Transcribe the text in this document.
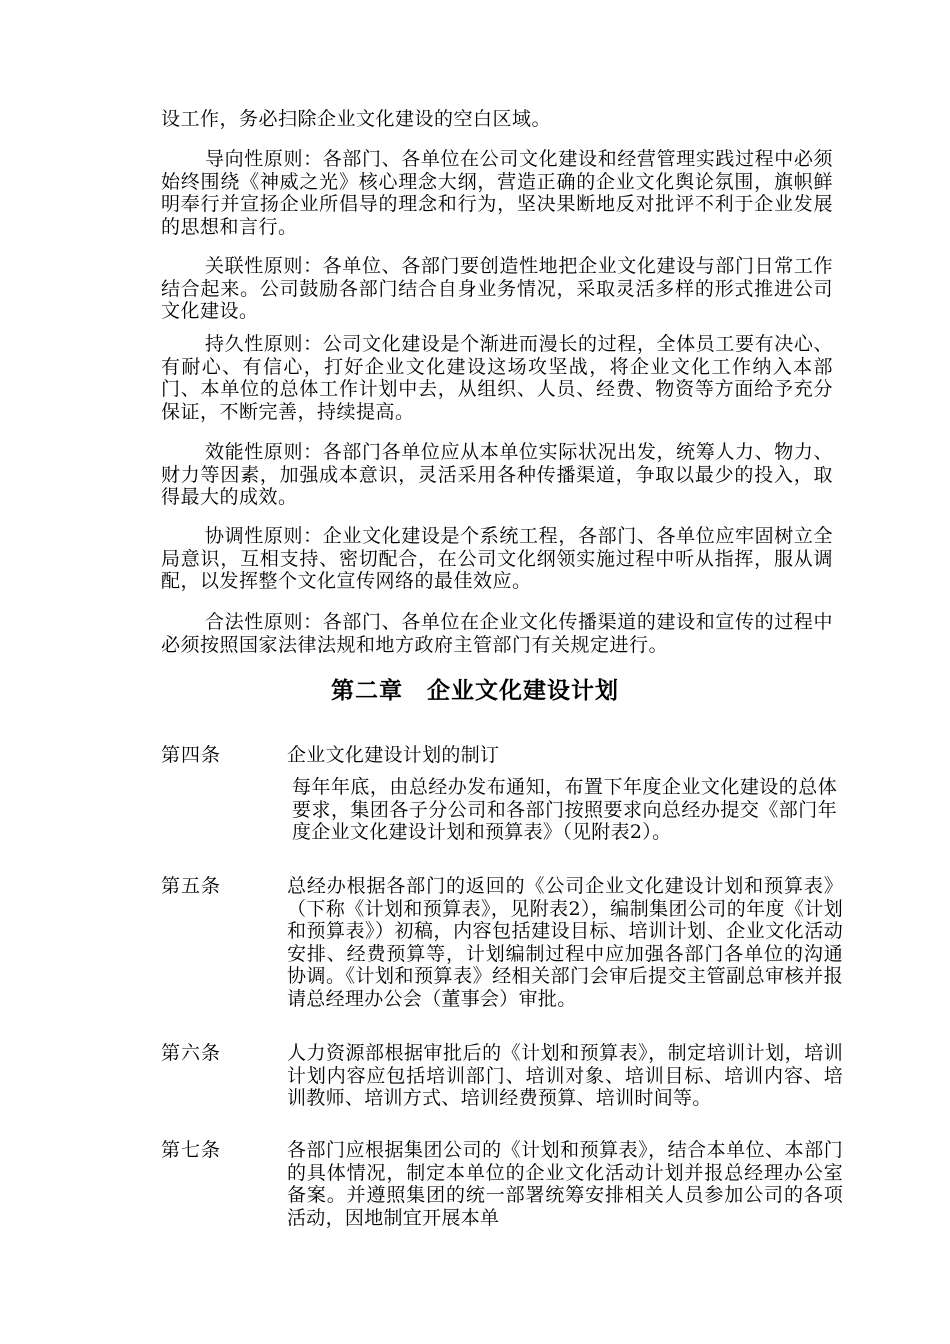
设工作，务必扫除企业文化建设的空白区域。

导向性原则：各部门、各单位在公司文化建设和经营管理实践过程中必须始终围绕《神威之光》核心理念大纲，营造正确的企业文化舆论氛围，旗帜鲜明奉行并宣扬企业所倡导的理念和行为，坚决果断地反对批评不利于企业发展的思想和言行。

关联性原则：各单位、各部门要创造性地把企业文化建设与部门日常工作结合起来。公司鼓励各部门结合自身业务情况，采取灵活多样的形式推进公司文化建设。

持久性原则：公司文化建设是个渐进而漫长的过程，全体员工要有决心、有耐心、有信心，打好企业文化建设这场攻坚战，将企业文化工作纳入本部门、本单位的总体工作计划中去，从组织、人员、经费、物资等方面给予充分保证，不断完善，持续提高。

效能性原则：各部门各单位应从本单位实际状况出发，统筹人力、物力、财力等因素，加强成本意识，灵活采用各种传播渠道，争取以最少的投入，取得最大的成效。

协调性原则：企业文化建设是个系统工程，各部门、各单位应牢固树立全局意识，互相支持、密切配合，在公司文化纲领实施过程中听从指挥，服从调配，以发挥整个文化宣传网络的最佳效应。

合法性原则：各部门、各单位在企业文化传播渠道的建设和宣传的过程中必须按照国家法律法规和地方政府主管部门有关规定进行。

第二章　企业文化建设计划
第四条	企业文化建设计划的制订

每年年底，由总经办发布通知，布置下年度企业文化建设的总体要求，集团各子分公司和各部门按照要求向总经办提交《部门年度企业文化建设计划和预算表》（见附表2）。

第五条	总经办根据各部门的返回的《公司企业文化建设计划和预算表》（下称《计划和预算表》，见附表2），编制集团公司的年度《计划和预算表》）初稿，内容包括建设目标、培训计划、企业文化活动安排、经费预算等，计划编制过程中应加强各部门各单位的沟通协调。《计划和预算表》经相关部门会审后提交主管副总审核并报请总经理办公会（董事会）审批。

第六条	人力资源部根据审批后的《计划和预算表》，制定培训计划，培训计划内容应包括培训部门、培训对象、培训目标、培训内容、培训教师、培训方式、培训经费预算、培训时间等。

第七条	各部门应根据集团公司的《计划和预算表》，结合本单位、本部门的具体情况，制定本单位的企业文化活动计划并报总经理办公室备案。并遵照集团的统一部署统筹安排相关人员参加公司的各项活动，因地制宜开展本单
